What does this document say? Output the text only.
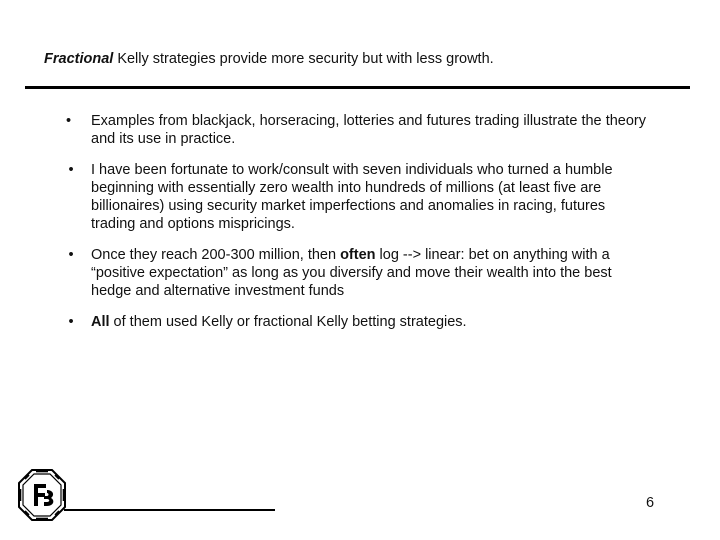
Fractional Kelly strategies provide more security but with less growth.
•	Examples from blackjack, horseracing, lotteries and futures trading illustrate the theory and its use in practice.
• I have been fortunate to work/consult with seven individuals who turned a humble beginning with essentially zero wealth into hundreds of millions (at least five are billionaires) using security market imperfections and anomalies in racing, futures trading and options mispricings.
• Once they reach 200-300 million, then often log --> linear: bet on anything with a “positive expectation” as long as you diversify and move their wealth into the best hedge and alternative investment funds
• All of them used Kelly or fractional Kelly betting strategies.
6
